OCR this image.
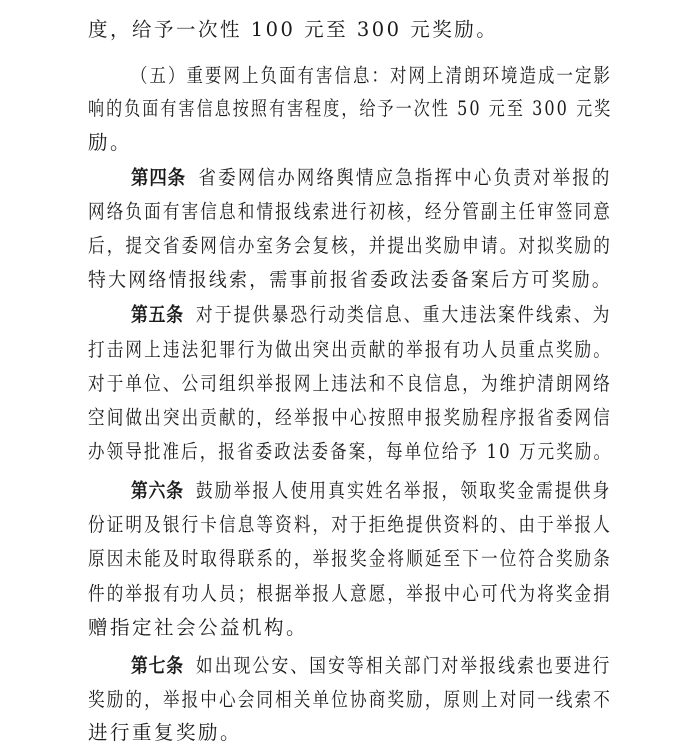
度，给予一次性 100 元至 300 元奖励。
（五）重要网上负面有害信息：对网上清朗环境造成一定影
响的负面有害信息按照有害程度，给予一次性 50 元至 300 元奖
励。
第四条 省委网信办网络舆情应急指挥中心负责对举报的
网络负面有害信息和情报线索进行初核，经分管副主任审签同意
后，提交省委网信办室务会复核，并提出奖励申请。对拟奖励的
特大网络情报线索，需事前报省委政法委备案后方可奖励。
第五条 对于提供暴恐行动类信息、重大违法案件线索、为
打击网上违法犯罪行为做出突出贡献的举报有功人员重点奖励。
对于单位、公司组织举报网上违法和不良信息，为维护清朗网络
空间做出突出贡献的，经举报中心按照申报奖励程序报省委网信
办领导批准后，报省委政法委备案，每单位给予 10 万元奖励。
第六条 鼓励举报人使用真实姓名举报，领取奖金需提供身
份证明及银行卡信息等资料，对于拒绝提供资料的、由于举报人
原因未能及时取得联系的，举报奖金将顺延至下一位符合奖励条
件的举报有功人员；根据举报人意愿，举报中心可代为将奖金捐
赠指定社会公益机构。
第七条 如出现公安、国安等相关部门对举报线索也要进行
奖励的，举报中心会同相关单位协商奖励，原则上对同一线索不
进行重复奖励。
